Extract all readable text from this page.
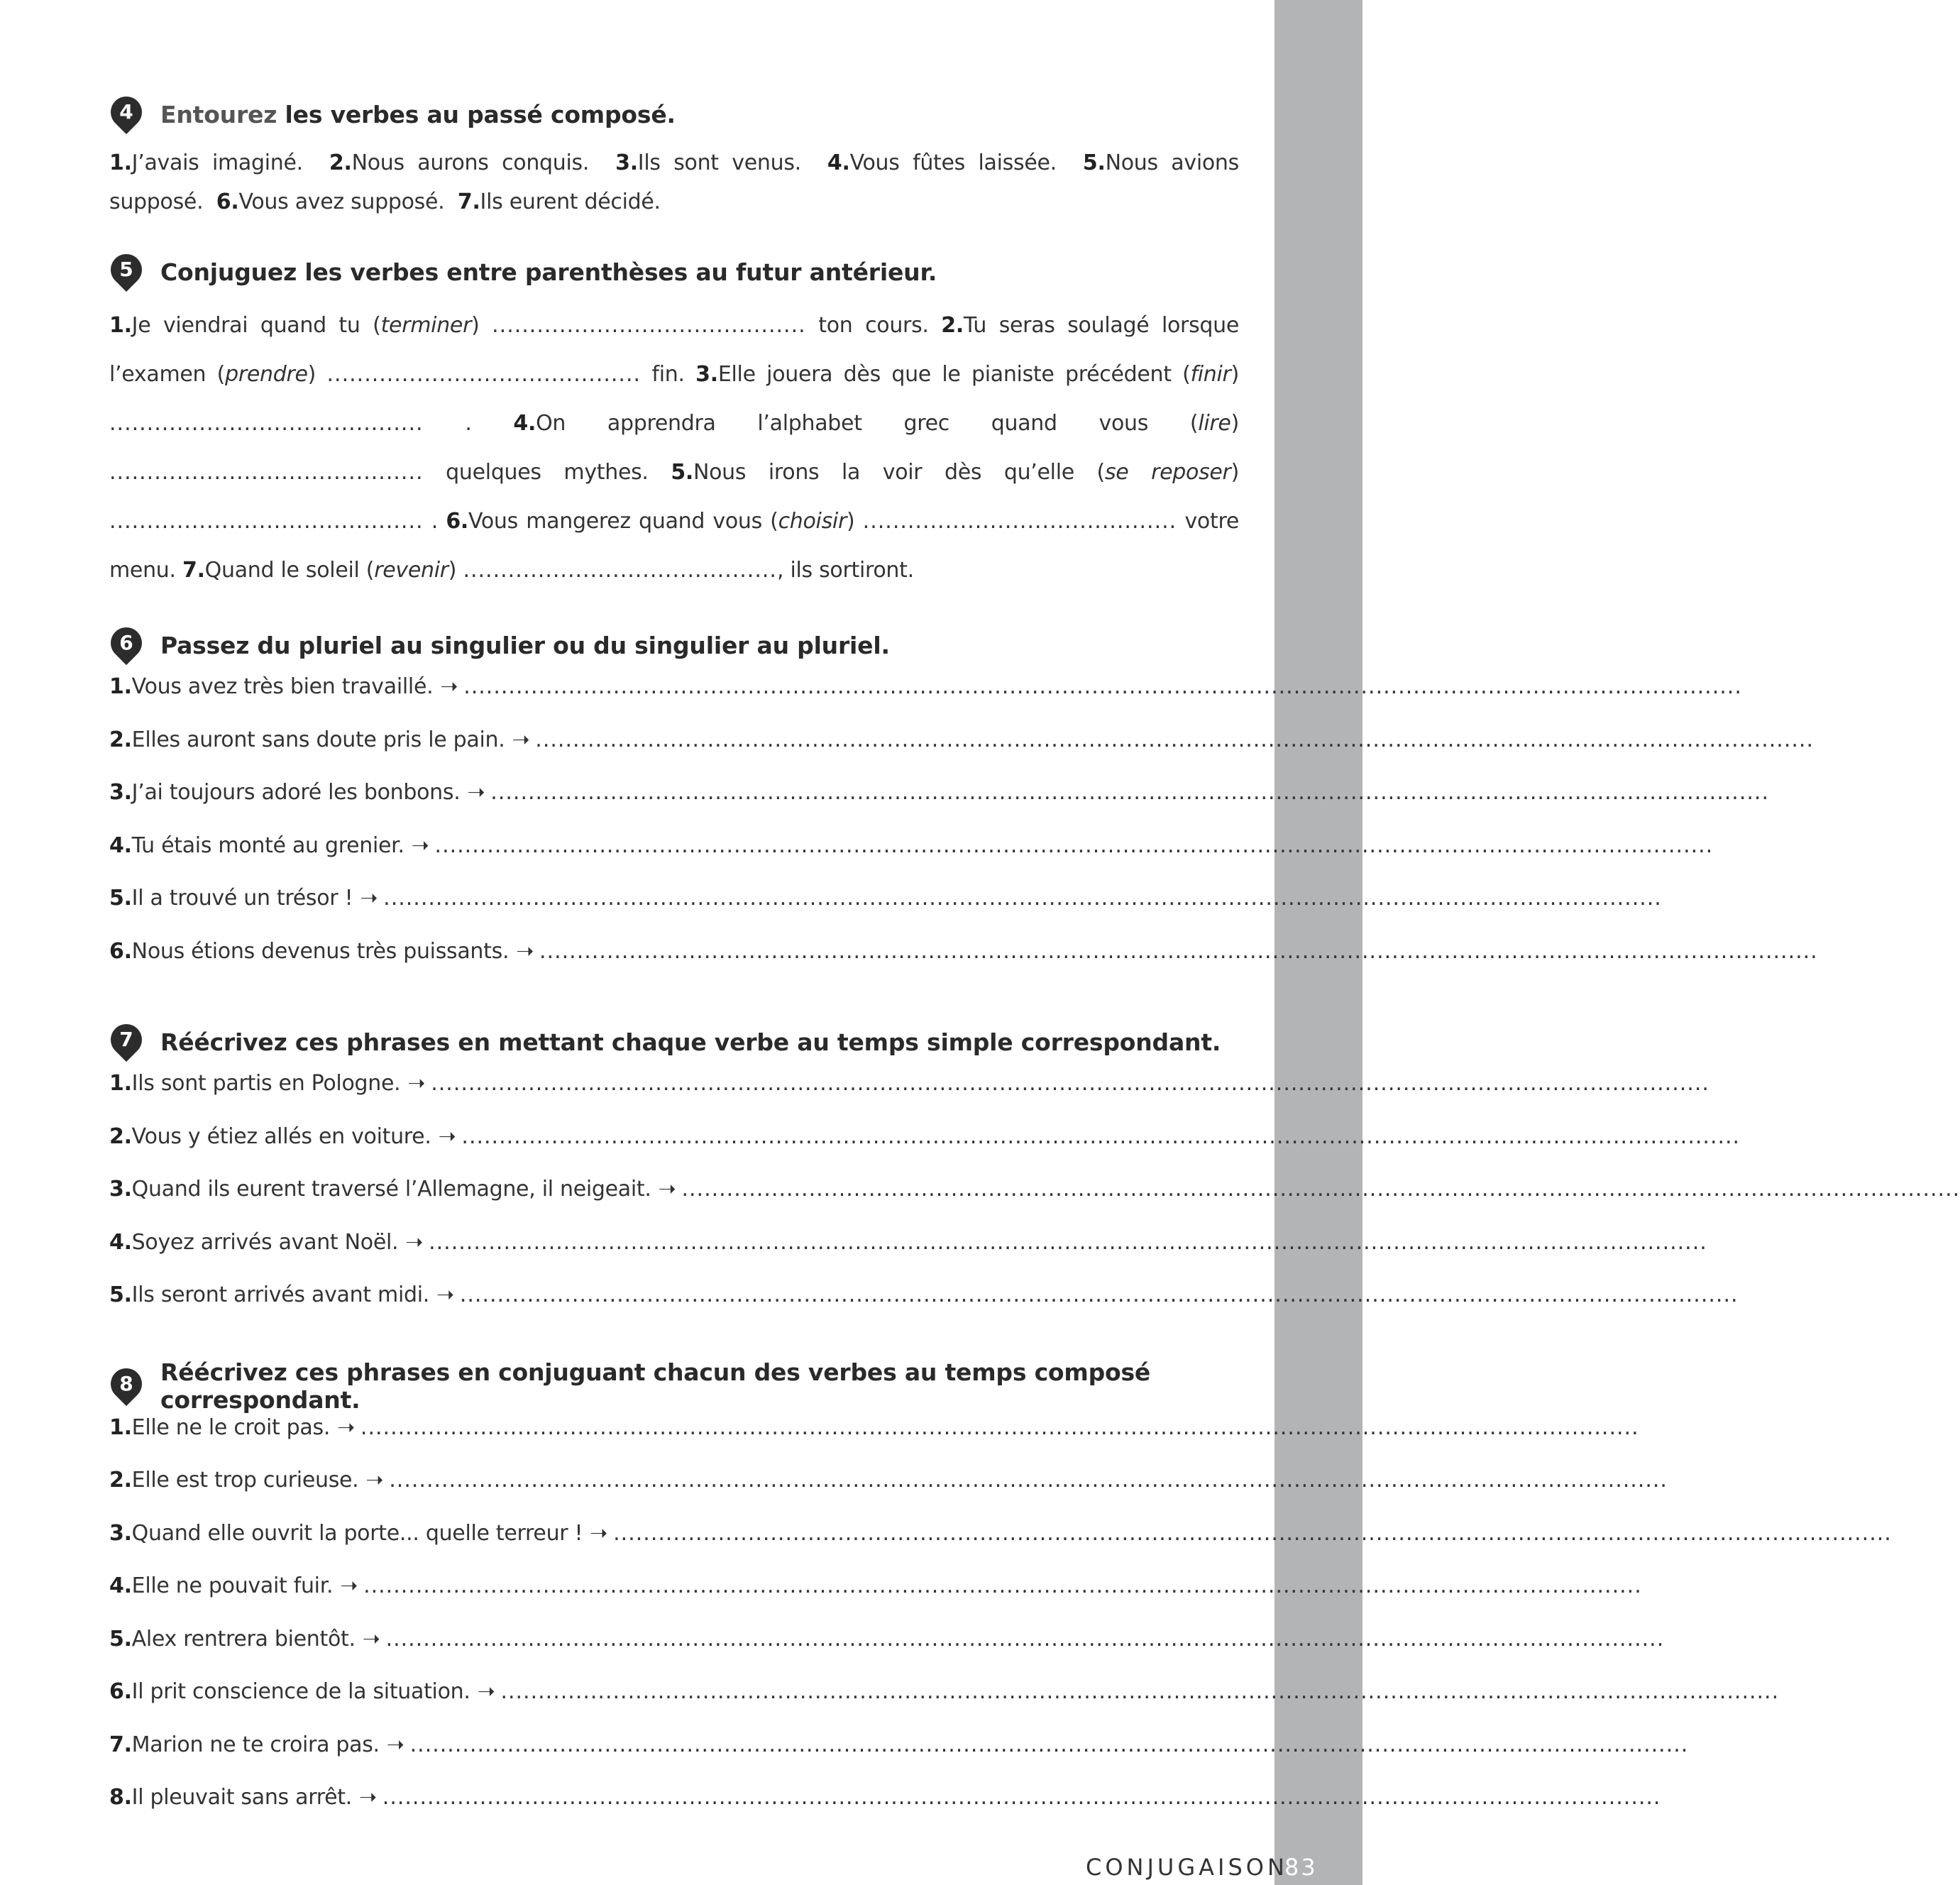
4	Entourez les verbes au passé composé.

1.J’avais imaginé. 2.Nous aurons conquis. 3.Ils sont venus. 4.Vous fûtes laissée. 5.Nous avions supposé. 6.Vous avez supposé. 7.Ils eurent décidé.

5	Conjuguez les verbes entre parenthèses au futur antérieur.

1.Je viendrai quand tu (terminer) .......................................... ton cours. 2.Tu seras soulagé lorsque l’examen (prendre) .......................................... fin. 3.Elle jouera dès que le pianiste précédent (finir) .......................................... . 4.On apprendra l’alphabet grec quand vous (lire) .......................................... quelques mythes. 5.Nous irons la voir dès qu’elle (se reposer) .......................................... . 6.Vous mangerez quand vous (choisir) .......................................... votre menu. 7.Quand le soleil (revenir) .........................................., ils sortiront.

6	Passez du pluriel au singulier ou du singulier au pluriel.
1.Vous avez très bien travaillé. ➝ ...........................................................................................................................................................................
2.Elles auront sans doute pris le pain. ➝ ...........................................................................................................................................................................
3.J’ai toujours adoré les bonbons. ➝ ...........................................................................................................................................................................
4.Tu étais monté au grenier. ➝ ...........................................................................................................................................................................
5.Il a trouvé un trésor ! ➝ ...........................................................................................................................................................................
6.Nous étions devenus très puissants. ➝ ...........................................................................................................................................................................
7	Réécrivez ces phrases en mettant chaque verbe au temps simple correspondant.
1.Ils sont partis en Pologne. ➝ ...........................................................................................................................................................................
2.Vous y étiez allés en voiture. ➝ ...........................................................................................................................................................................
3.Quand ils eurent traversé l’Allemagne, il neigeait. ➝ ...........................................................................................................................................................................
4.Soyez arrivés avant Noël. ➝ ...........................................................................................................................................................................
5.Ils seront arrivés avant midi. ➝ ...........................................................................................................................................................................
8	Réécrivez ces phrases en conjuguant chacun des verbes au temps composé correspondant.
1.Elle ne le croit pas. ➝ ...........................................................................................................................................................................
2.Elle est trop curieuse. ➝ ...........................................................................................................................................................................
3.Quand elle ouvrit la porte... quelle terreur ! ➝ ...........................................................................................................................................................................
4.Elle ne pouvait fuir. ➝ ...........................................................................................................................................................................
5.Alex rentrera bientôt. ➝ ...........................................................................................................................................................................
6.Il prit conscience de la situation. ➝ ...........................................................................................................................................................................
7.Marion ne te croira pas. ➝ ...........................................................................................................................................................................
8.Il pleuvait sans arrêt. ➝ ...........................................................................................................................................................................
CONJUGAISON
83
